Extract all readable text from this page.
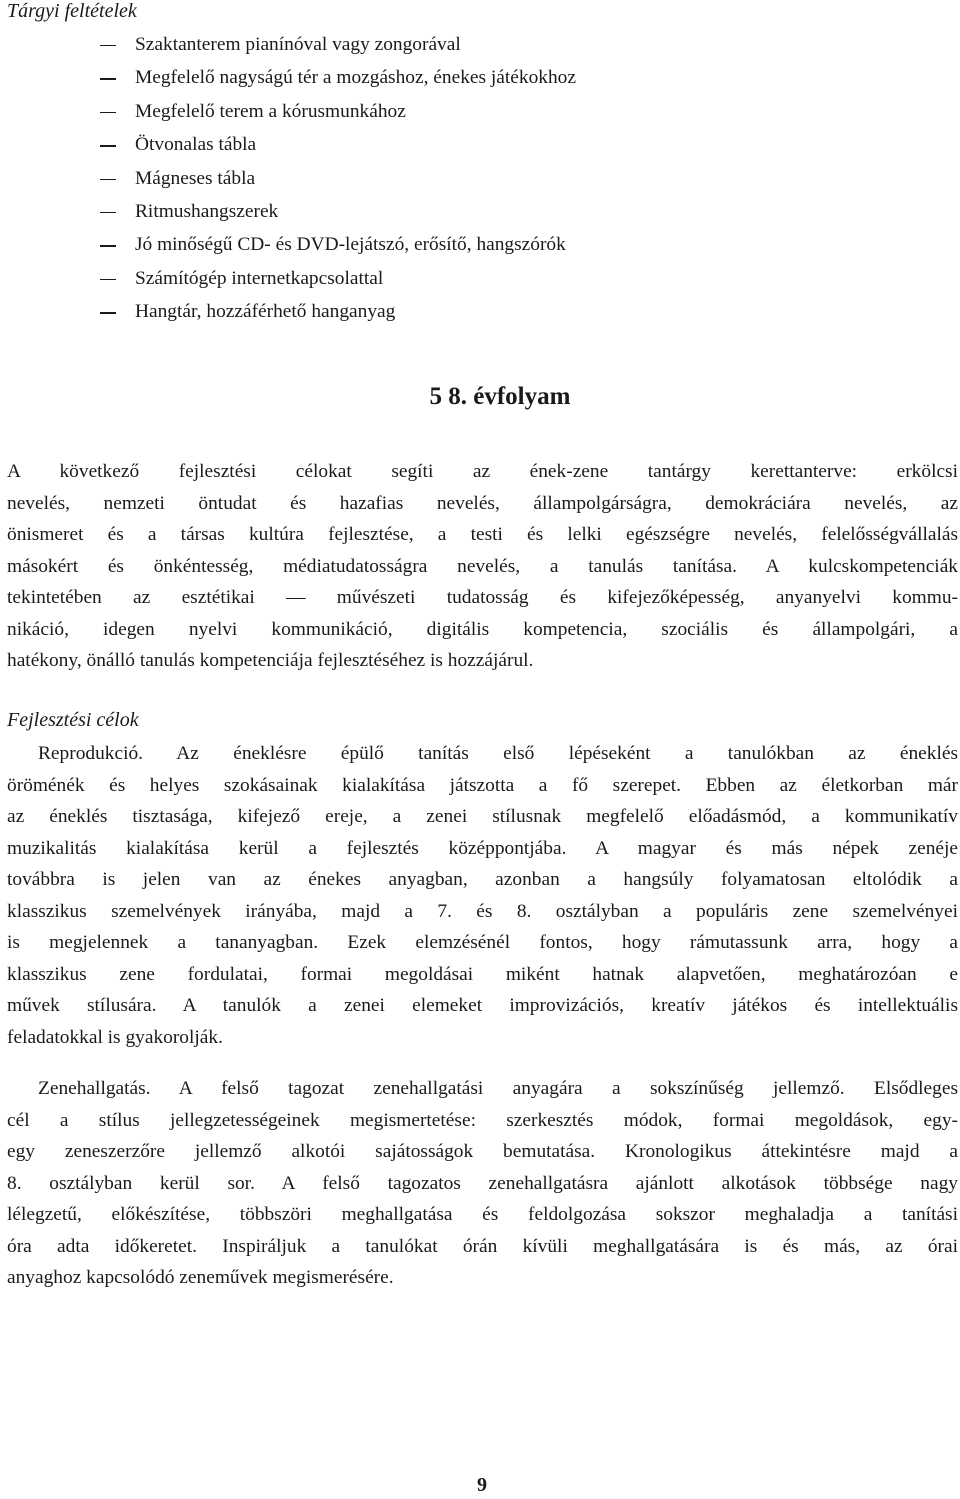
Tárgyi feltételek
Szaktanterem pianínóval vagy zongorával
Megfelelő nagyságú tér a mozgáshoz, énekes játékokhoz
Megfelelő terem a kórusmunkához
Ötvonalas tábla
Mágneses tábla
Ritmushangszerek
Jó minőségű CD- és DVD-lejátszó, erősítő, hangszórók
Számítógép internetkapcsolattal
Hangtár, hozzáférhető hanganyag
5 8. évfolyam
A következő fejlesztési célokat segíti az ének-zene tantárgy kerettanterve: erkölcsi
nevelés, nemzeti öntudat és hazafias nevelés, állampolgárságra, demokráciára nevelés, az
önismeret és a társas kultúra fejlesztése, a testi és lelki egészségre nevelés, felelősségvállalás
másokért és önkéntesség, médiatudatosságra nevelés, a tanulás tanítása. A kulcskompetenciák
tekintetében az esztétikai ― művészeti tudatosság és kifejezőképesség, anyanyelvi kommu-
nikáció, idegen nyelvi kommunikáció, digitális kompetencia, szociális és állampolgári, a
hatékony, önálló tanulás kompetenciája fejlesztéséhez is hozzájárul.
Fejlesztési célok
Reprodukció. Az éneklésre épülő tanítás első lépéseként a tanulókban az éneklés
öröménék és helyes szokásainak kialakítása játszotta a fő szerepet. Ebben az életkorban már
az éneklés tisztasága, kifejező ereje, a zenei stílusnak megfelelő előadásmód, a kommunikatív
muzikalitás kialakítása kerül a fejlesztés középpontjába. A magyar és más népek zenéje
továbbra is jelen van az énekes anyagban, azonban a hangsúly folyamatosan eltolódik a
klasszikus szemelvények irányába, majd a 7. és 8. osztályban a populáris zene szemelvényei
is megjelennek a tananyagban. Ezek elemzésénél fontos, hogy rámutassunk arra, hogy a
klasszikus zene fordulatai, formai megoldásai miként hatnak alapvetően, meghatározóan e
művek stílusára. A tanulók a zenei elemeket improvizációs, kreatív játékos és intellektuális
feladatokkal is gyakorolják.
Zenehallgatás. A felső tagozat zenehallgatási anyagára a sokszínűség jellemző. Elsődleges
cél a stílus jellegzetességeinek megismertetése: szerkesztés módok, formai megoldások, egy-
egy zeneszerzőre jellemző alkotói sajátosságok bemutatása. Kronologikus áttekintésre majd a
8. osztályban kerül sor. A felső tagozatos zenehallgatásra ajánlott alkotások többsége nagy
lélegzetű, előkészítése, többszöri meghallgatása és feldolgozása sokszor meghaladja a tanítási
óra adta időkeretet. Inspiráljuk a tanulókat órán kívüli meghallgatására is és más, az órai
anyaghoz kapcsolódó zeneművek megismerésére.
9
